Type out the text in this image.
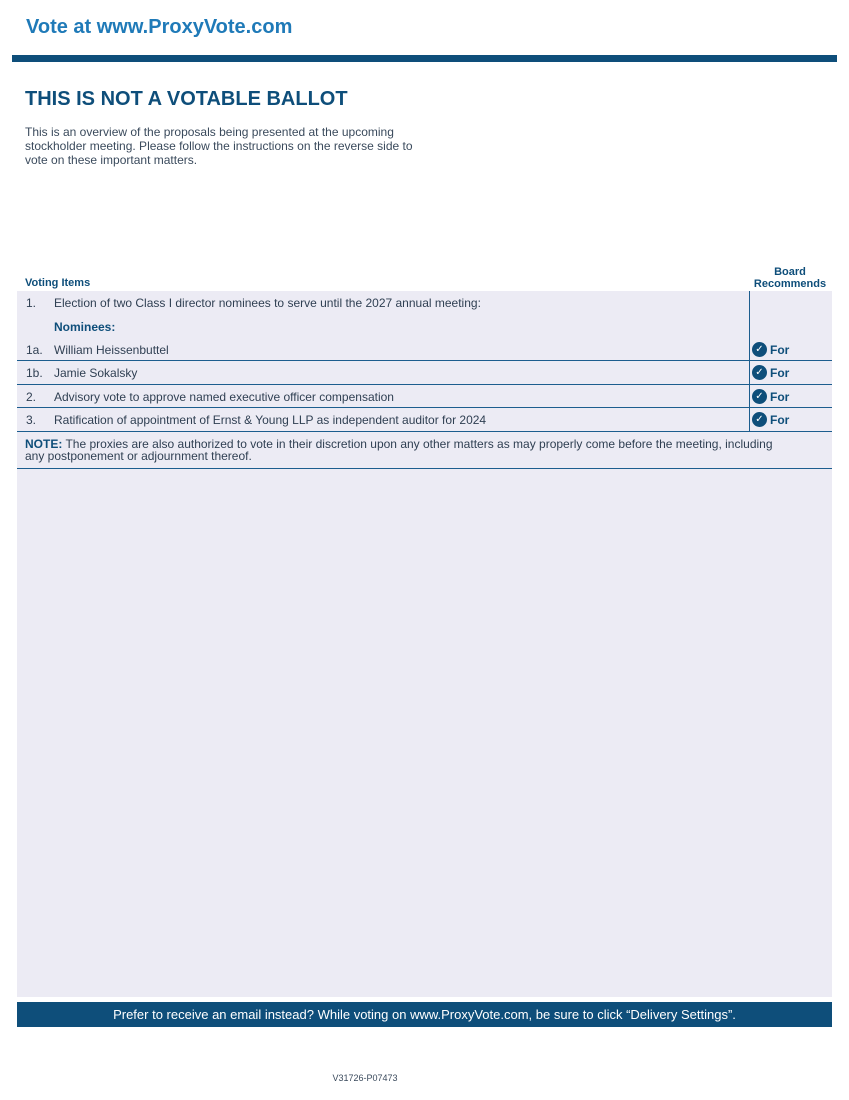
Vote at www.ProxyVote.com
THIS IS NOT A VOTABLE BALLOT
This is an overview of the proposals being presented at the upcoming stockholder meeting. Please follow the instructions on the reverse side to vote on these important matters.
Voting Items
Board
Recommends
1. Election of two Class I director nominees to serve until the 2027 annual meeting:
Nominees:
1a. William Heissenbuttel	✓ For
1b. Jamie Sokalsky	✓ For
2. Advisory vote to approve named executive officer compensation	✓ For
3. Ratification of appointment of Ernst & Young LLP as independent auditor for 2024	✓ For
NOTE: The proxies are also authorized to vote in their discretion upon any other matters as may properly come before the meeting, including any postponement or adjournment thereof.
Prefer to receive an email instead? While voting on www.ProxyVote.com, be sure to click “Delivery Settings”.
V31726-P07473
